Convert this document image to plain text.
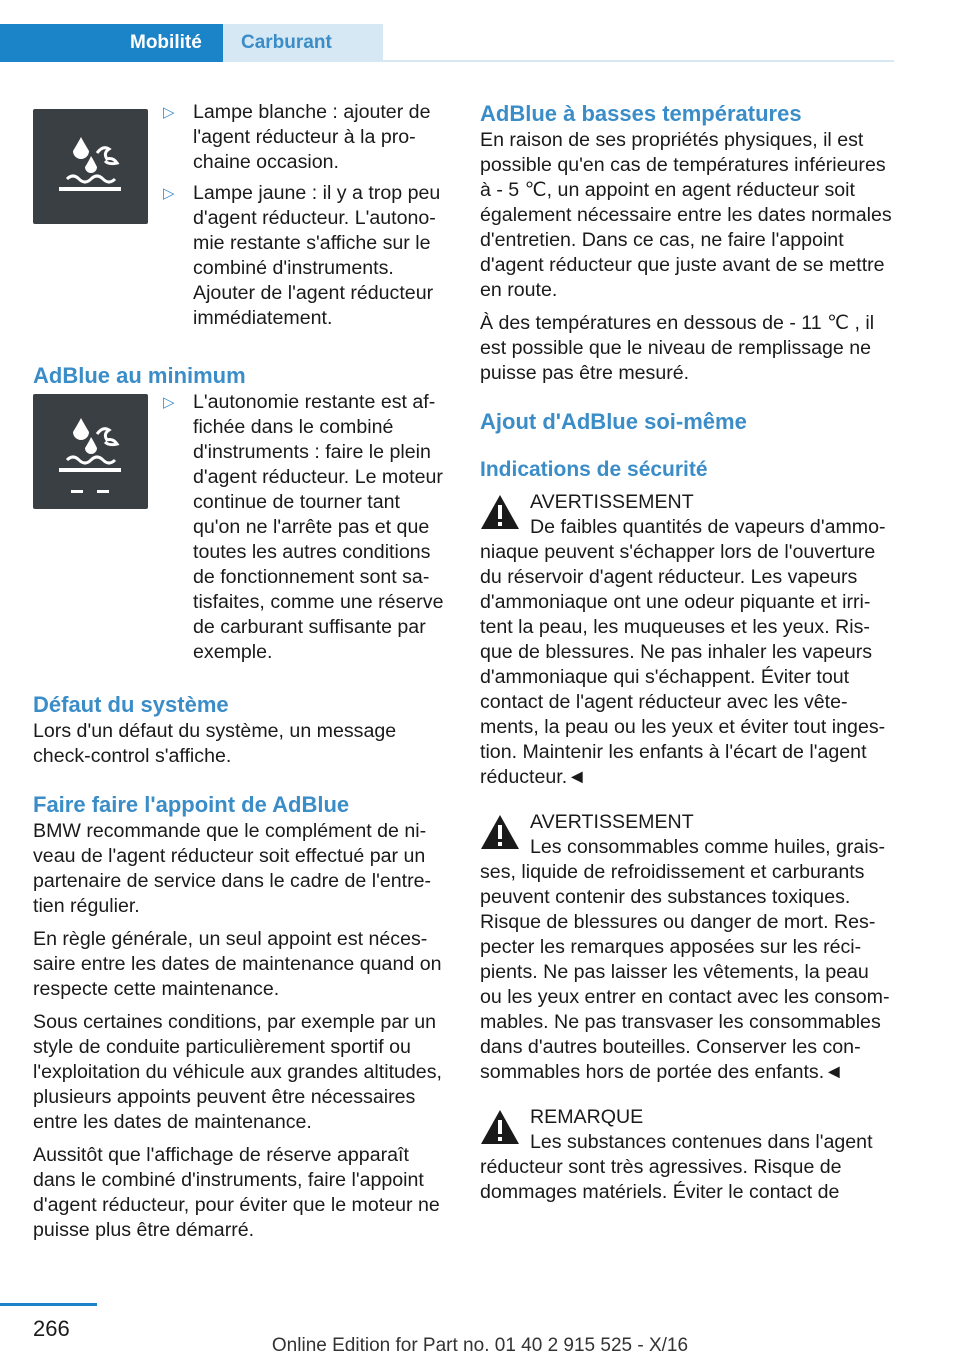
Mobilité	Carburant
▷ Lampe blanche : ajouter de l'agent réducteur à la prochaine occasion.
▷ Lampe jaune : il y a trop peu d'agent réducteur. L'autonomie restante s'affiche sur le combiné d'instruments. Ajouter de l'agent réducteur immédiatement.
AdBlue au minimum
▷ L'autonomie restante est affichée dans le combiné d'instruments : faire le plein d'agent réducteur. Le moteur continue de tourner tant qu'on ne l'arrête pas et que toutes les autres conditions de fonctionnement sont satisfaites, comme une réserve de carburant suffisante par exemple.
Défaut du système

Lors d'un défaut du système, un message check-control s'affiche.

Faire faire l'appoint de AdBlue

BMW recommande que le complément de niveau de l'agent réducteur soit effectué par un partenaire de service dans le cadre de l'entretien régulier.

En règle générale, un seul appoint est nécessaire entre les dates de maintenance quand on respecte cette maintenance.

Sous certaines conditions, par exemple par un style de conduite particulièrement sportif ou l'exploitation du véhicule aux grandes altitudes, plusieurs appoints peuvent être nécessaires entre les dates de maintenance.

Aussitôt que l'affichage de réserve apparaît dans le combiné d'instruments, faire l'appoint d'agent réducteur, pour éviter que le moteur ne puisse plus être démarré.

AdBlue à basses températures

En raison de ses propriétés physiques, il est possible qu'en cas de températures inférieures à - 5 ℃, un appoint en agent réducteur soit également nécessaire entre les dates normales d'entretien. Dans ce cas, ne faire l'appoint d'agent réducteur que juste avant de se mettre en route.

À des températures en dessous de - 11 ℃ , il est possible que le niveau de remplissage ne puisse pas être mesuré.

Ajout d'AdBlue soi-même
Indications de sécurité
AVERTISSEMENT

De faibles quantités de vapeurs d'ammoniaque peuvent s'échapper lors de l'ouverture du réservoir d'agent réducteur. Les vapeurs d'ammoniaque ont une odeur piquante et irritent la peau, les muqueuses et les yeux. Risque de blessures. Ne pas inhaler les vapeurs d'ammoniaque qui s'échappent. Éviter tout contact de l'agent réducteur avec les vêtements, la peau ou les yeux et éviter tout ingestion. Maintenir les enfants à l'écart de l'agent réducteur.◄

AVERTISSEMENT

Les consommables comme huiles, graisses, liquide de refroidissement et carburants peuvent contenir des substances toxiques. Risque de blessures ou danger de mort. Respecter les remarques apposées sur les récipients. Ne pas laisser les vêtements, la peau ou les yeux entrer en contact avec les consommables. Ne pas transvaser les consommables dans d'autres bouteilles. Conserver les consommables hors de portée des enfants.◄

REMARQUE

Les substances contenues dans l'agent réducteur sont très agressives. Risque de dommages matériels. Éviter le contact de

266
Online Edition for Part no. 01 40 2 915 525 - X/16
